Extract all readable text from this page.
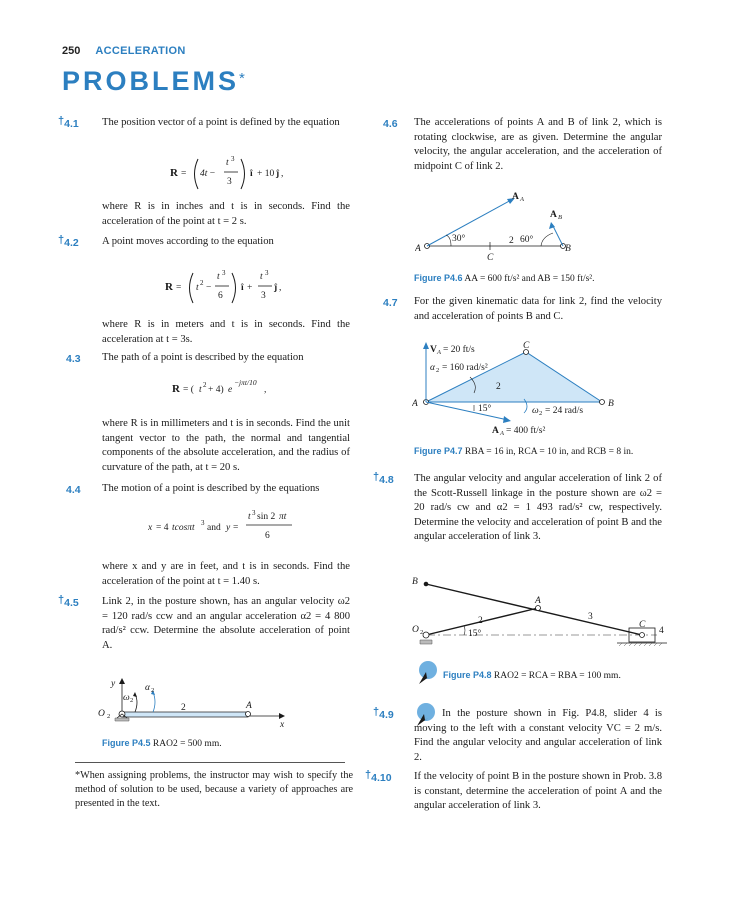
250 ACCELERATION
PROBLEMS*
†4.1 The position vector of a point is defined by the equation
R = 4t −
t 3
3
î + 10 ĵ ,
where R is in inches and t is in seconds. Find the acceleration of the point at t = 2 s.
†4.2 A point moves according to the equation
R = t 2 −
t 3
6
î +
t 3
3
ĵ ,
where R is in meters and t is in seconds. Find the acceleration at t = 3s.
4.3 The path of a point is described by the equation
R = ( t 2 + 4) e
−jπt/10
,
where R is in millimeters and t is in seconds. Find the unit tangent vector to the path, the normal and tangential components of the absolute acceleration, and the radius of curvature of the path, at t = 20 s.
4.4 The motion of a point is described by the equations
x = 4 tcosπt 3 and y =
t 3 sin 2 πt
6
where x and y are in feet, and t is in seconds. Find the acceleration of the point at t = 1.40 s.
†4.5 Link 2, in the posture shown, has an angular velocity ω2 = 120 rad/s ccw and an angular acceleration α2 = 4 800 rad/s² ccw. Determine the absolute acceleration of point A.
y
x
O 2
ω 2
α 2
2	A
Figure P4.5 RAO2 = 500 mm.
*When assigning problems, the instructor may wish to specify the method of solution to be used, because a variety of approaches are presented in the text.
4.6 The accelerations of points A and B of link 2, which is rotating clockwise, are as given. Determine the angular velocity, the angular acceleration, and the acceleration of midpoint C of link 2.
A
30°	2 60°
C
B
A A
A B
Figure P4.6 AA = 600 ft/s² and AB = 150 ft/s².
4.7 For the given kinematic data for link 2, find the velocity and acceleration of points B and C.
A
V A = 20 ft/s
α 2 = 160 rad/s²
C
2
15°	ω 2 = 24 rad/s
B
A A = 400 ft/s²
Figure P4.7 RBA = 16 in, RCA = 10 in, and RCB = 8 in.
†4.8 The angular velocity and angular acceleration of link 2 of the Scott-Russell linkage in the posture shown are ω2 = 20 rad/s cw and α2 = 1 493 rad/s² cw, respectively. Determine the velocity and acceleration of point B and the angular acceleration of link 3.
B
A
2	3
15°
C
4
O 2
Figure P4.8 RAO2 = RCA = RBA = 100 mm.
†4.9	In the posture shown in Fig. P4.8, slider 4 is moving to the left with a constant velocity VC = 2 m/s. Find the angular velocity and angular acceleration of link 2.
†4.10 If the velocity of point B in the posture shown in Prob. 3.8 is constant, determine the acceleration of point A and the angular acceleration of link 3.
